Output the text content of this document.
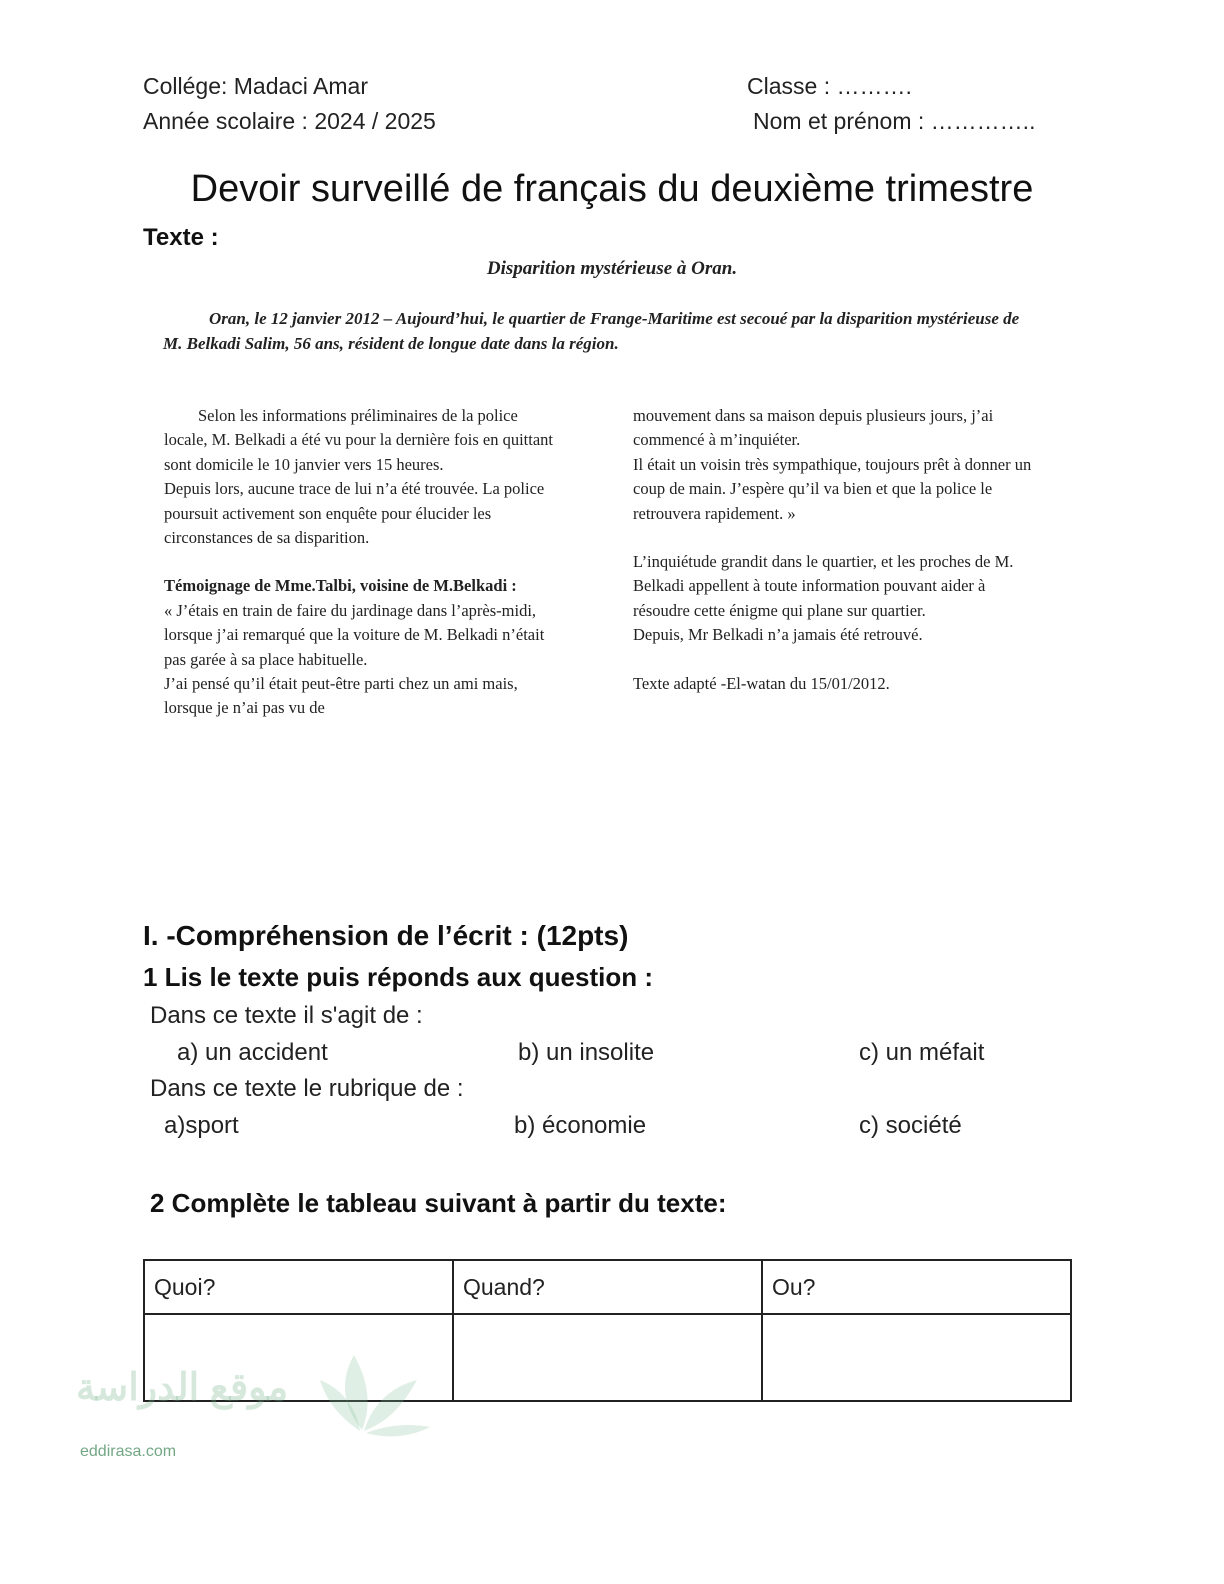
Collége: Madaci Amar
Année scolaire : 2024 / 2025
Classe : ……….
Nom et prénom : …………..
Devoir surveillé de français du deuxième trimestre
Texte :
Disparition mystérieuse à Oran.
Oran, le 12 janvier 2012 – Aujourd’hui, le quartier de Frange-Maritime est secoué par la disparition mystérieuse de M. Belkadi Salim, 56 ans, résident de longue date dans la région.

Selon les informations préliminaires de la police locale, M. Belkadi a été vu pour la dernière fois en quittant sont domicile le 10 janvier vers 15 heures.

Depuis lors, aucune trace de lui n’a été trouvée. La police poursuit activement son enquête pour élucider les circonstances de sa disparition.

Témoignage de Mme.Talbi, voisine de M.Belkadi :

« J’étais en train de faire du jardinage dans l’après-midi, lorsque j’ai remarqué que la voiture de M. Belkadi n’était pas garée à sa place habituelle.

J’ai pensé qu’il était peut-être parti chez un ami mais, lorsque je n’ai pas vu de

mouvement dans sa maison depuis plusieurs jours, j’ai commencé à m’inquiéter.

Il était un voisin très sympathique, toujours prêt à donner un coup de main. J’espère qu’il va bien et que la police le retrouvera rapidement. »

L’inquiétude grandit dans le quartier, et les proches de M. Belkadi appellent à toute information pouvant aider à résoudre cette énigme qui plane sur quartier.

Depuis, Mr Belkadi n’a jamais été retrouvé.

Texte adapté -El-watan du 15/01/2012.

I. -Compréhension de l’écrit : (12pts)
1 Lis le texte puis réponds aux question :
Dans ce texte il s'agit de :
a) un accident	b) un insolite	c) un méfait
Dans ce texte le rubrique de :
a)sport	b) économie	c) société
2 Complète le tableau suivant à partir du texte:
Quoi?	Quand?	Ou?

موقع الدراسة
eddirasa.com
